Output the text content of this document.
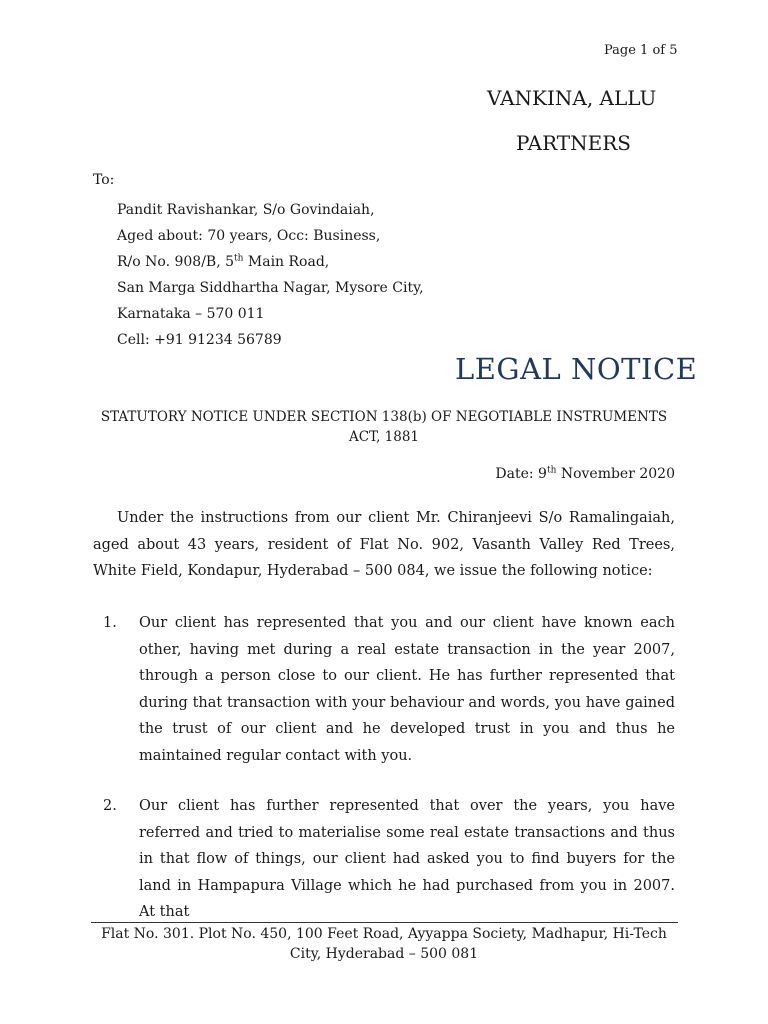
Page 1 of 5
VANKINA, ALLU
PARTNERS
To:
Pandit Ravishankar, S/o Govindaiah,
Aged about: 70 years, Occ: Business,
R/o No. 908/B, 5th Main Road,
San Marga Siddhartha Nagar, Mysore City,
Karnataka – 570 011
Cell: +91 91234 56789
LEGAL NOTICE
STATUTORY NOTICE UNDER SECTION 138(b) OF NEGOTIABLE INSTRUMENTS
ACT, 1881
Date: 9th November 2020
Under the instructions from our client Mr. Chiranjeevi S/o Ramalingaiah, aged about 43 years, resident of Flat No. 902, Vasanth Valley Red Trees, White Field, Kondapur, Hyderabad – 500 084, we issue the following notice:
1. Our client has represented that you and our client have known each other, having met during a real estate transaction in the year 2007, through a person close to our client. He has further represented that during that transaction with your behaviour and words, you have gained the trust of our client and he developed trust in you and thus he maintained regular contact with you.
2. Our client has further represented that over the years, you have referred and tried to materialise some real estate transactions and thus in that flow of things, our client had asked you to find buyers for the land in Hampapura Village which he had purchased from you in 2007. At that
Flat No. 301. Plot No. 450, 100 Feet Road, Ayyappa Society, Madhapur, Hi-Tech
City, Hyderabad – 500 081
